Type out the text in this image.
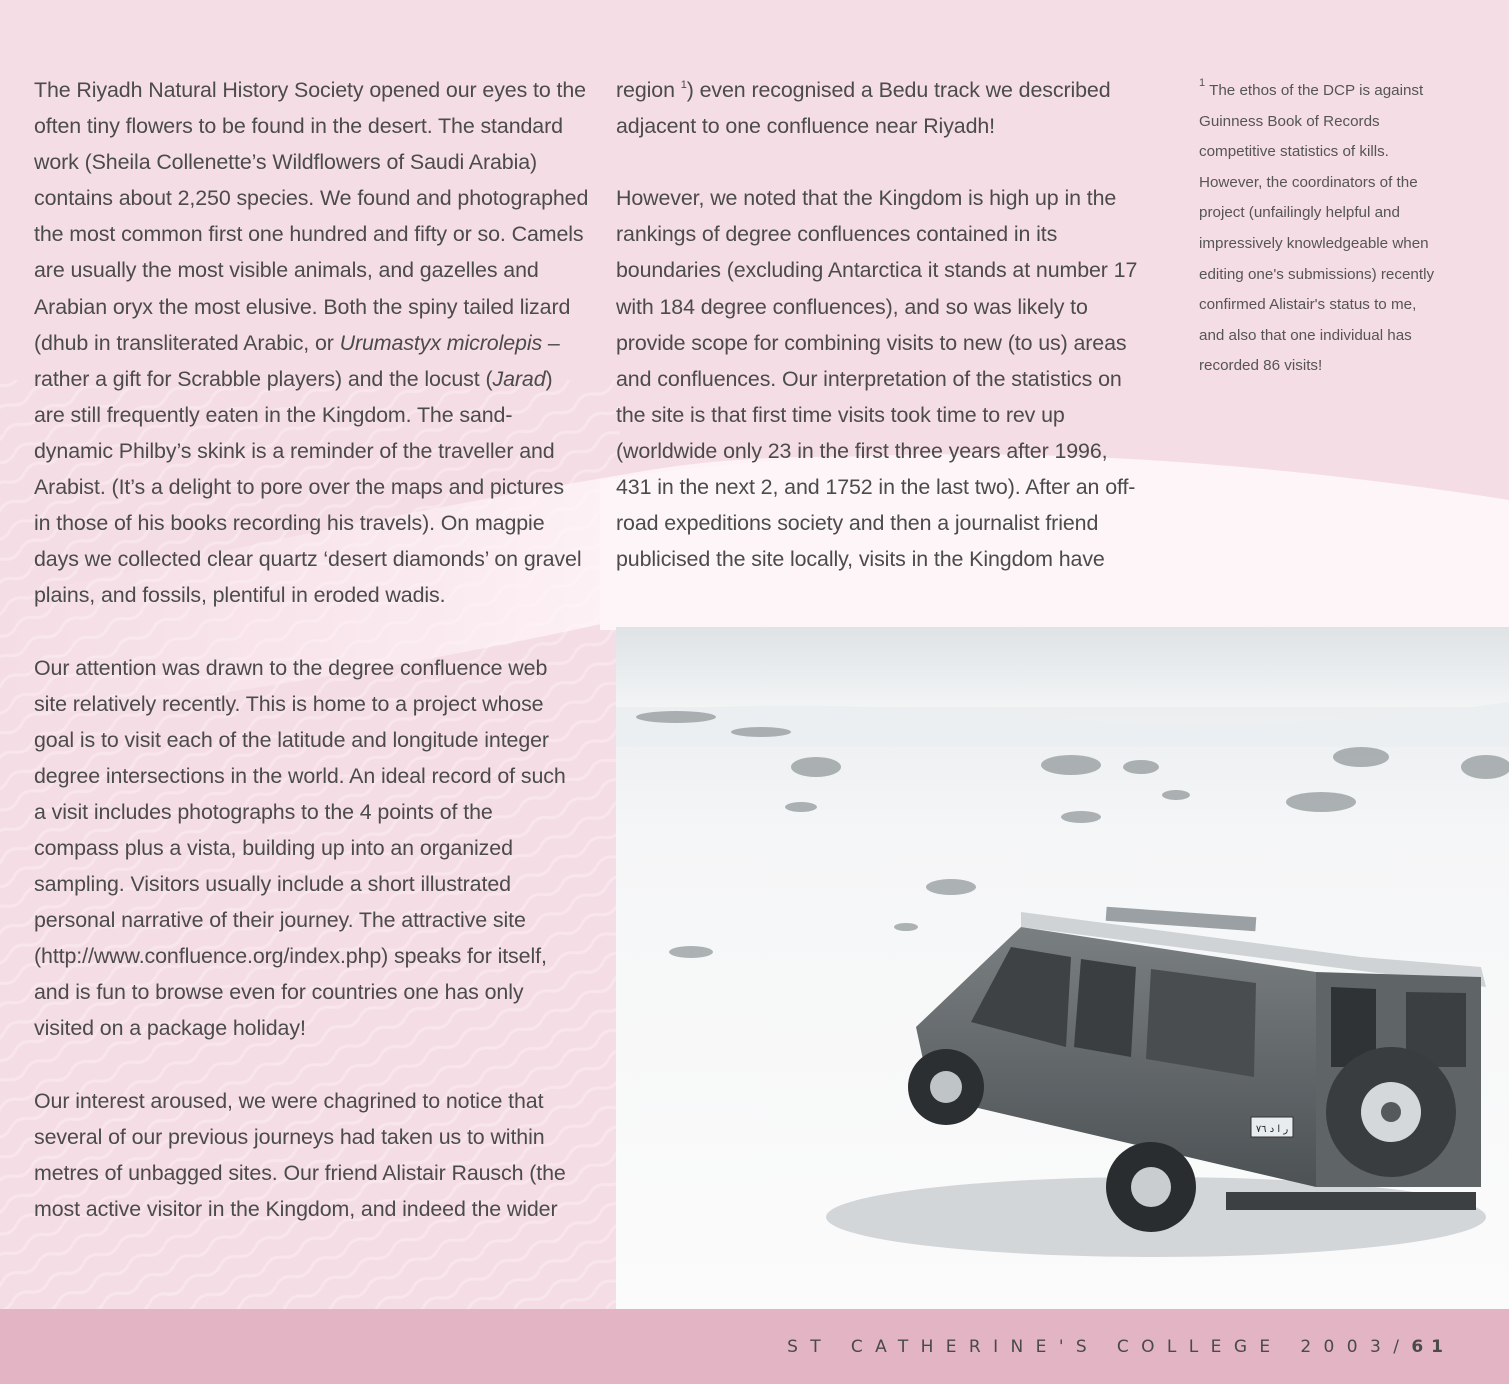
ر ا د ٧٦

The Riyadh Natural History Society opened our eyes to the
often tiny flowers to be found in the desert. The standard
work (Sheila Collenette’s Wildflowers of Saudi Arabia)
contains about 2,250 species. We found and photographed
the most common first one hundred and fifty or so. Camels
are usually the most visible animals, and gazelles and
Arabian oryx the most elusive. Both the spiny tailed lizard
(dhub in transliterated Arabic, or Urumastyx microlepis –
rather a gift for Scrabble players) and the locust (Jarad)
are still frequently eaten in the Kingdom. The sand-
dynamic Philby’s skink is a reminder of the traveller and
Arabist. (It’s a delight to pore over the maps and pictures
in those of his books recording his travels). On magpie
days we collected clear quartz ‘desert diamonds’ on gravel
plains, and fossils, plentiful in eroded wadis.

Our attention was drawn to the degree confluence web
site relatively recently. This is home to a project whose
goal is to visit each of the latitude and longitude integer
degree intersections in the world. An ideal record of such
a visit includes photographs to the 4 points of the
compass plus a vista, building up into an organized
sampling. Visitors usually include a short illustrated
personal narrative of their journey. The attractive site
(http://www.confluence.org/index.php) speaks for itself,
and is fun to browse even for countries one has only
visited on a package holiday!

Our interest aroused, we were chagrined to notice that
several of our previous journeys had taken us to within
metres of unbagged sites. Our friend Alistair Rausch (the
most active visitor in the Kingdom, and indeed the wider

region $^1$) even recognised a Bedu track we described
adjacent to one confluence near Riyadh!

However, we noted that the Kingdom is high up in the
rankings of degree confluences contained in its
boundaries (excluding Antarctica it stands at number 17
with 184 degree confluences), and so was likely to
provide scope for combining visits to new (to us) areas
and confluences. Our interpretation of the statistics on
the site is that first time visits took time to rev up
(worldwide only 23 in the first three years after 1996,
431 in the next 2, and 1752 in the last two). After an off-
road expeditions society and then a journalist friend
publicised the site locally, visits in the Kingdom have

$^1$ The ethos of the DCP is against
Guinness Book of Records
competitive statistics of kills.
However, the coordinators of the
project (unfailingly helpful and
impressively knowledgeable when
editing one's submissions) recently
confirmed Alistair's status to me,
and also that one individual has
recorded 86 visits!
ST CATHERINE'S COLLEGE 2003/61
